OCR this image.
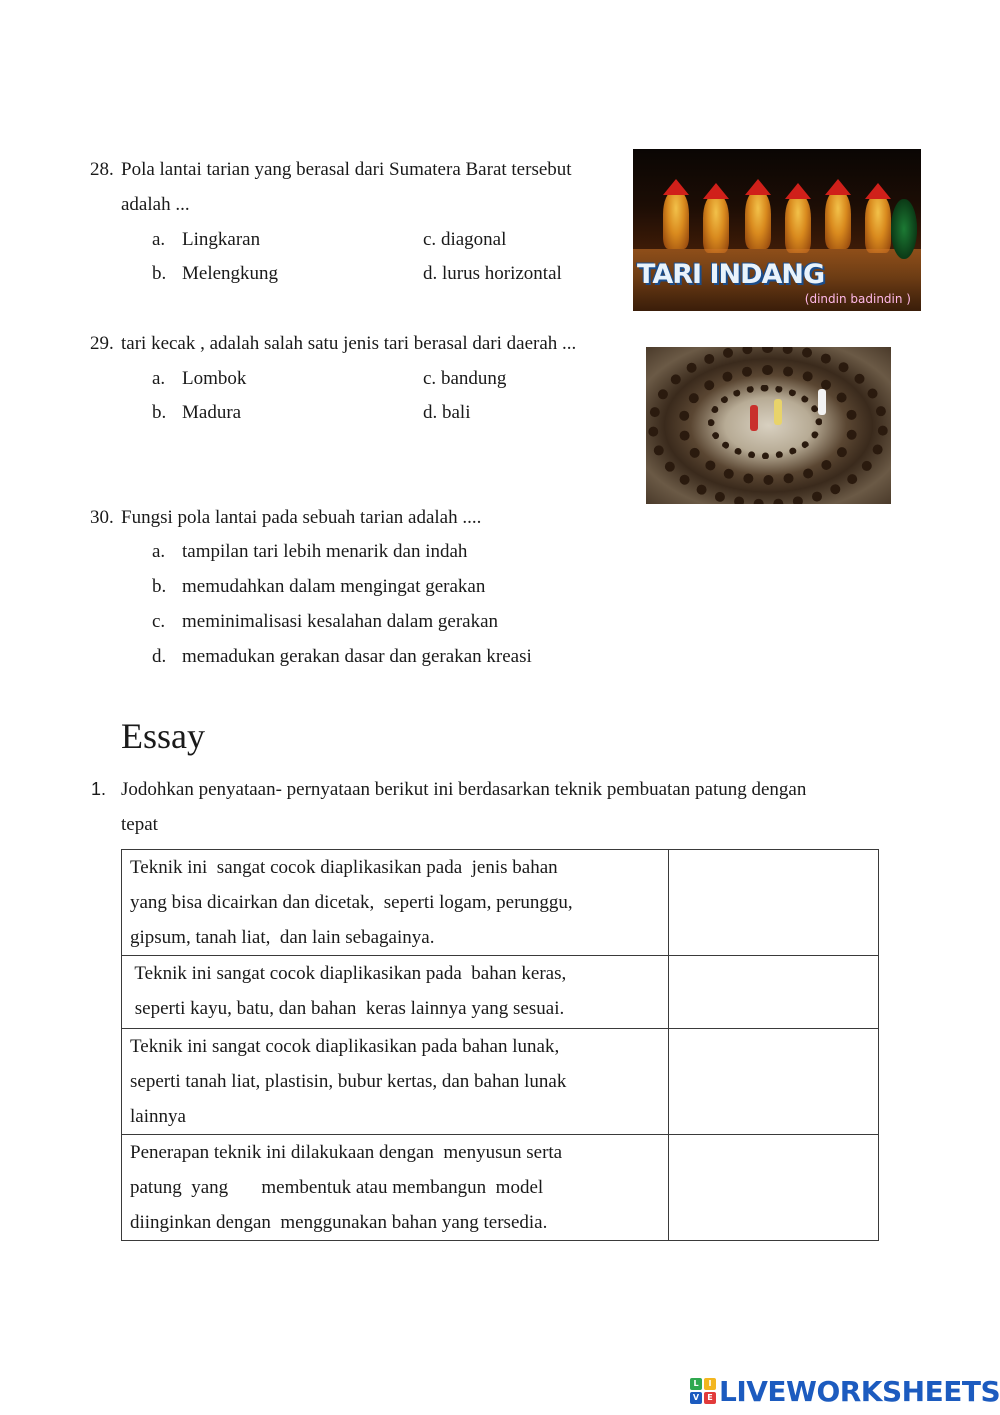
28. Pola lantai tarian yang berasal dari Sumatera Barat tersebut
adalah ...
a. Lingkaran
b. Melengkung
c. diagonal
d. lurus horizontal	TARI INDANG
(dindin badindin )
29. tari kecak , adalah salah satu jenis tari berasal dari daerah ...
a. Lombok
b. Madura
c. bandung
d. bali
30. Fungsi pola lantai pada sebuah tarian adalah ....
a. tampilan tari lebih menarik dan indah
b. memudahkan dalam mengingat gerakan
c. meminimalisasi kesalahan dalam gerakan
d. memadukan gerakan dasar dan gerakan kreasi
Essay
1. Jodohkan penyataan- pernyataan berikut ini berdasarkan teknik pembuatan patung dengan
tepat
Teknik ini  sangat cocok diaplikasikan pada  jenis bahan
yang bisa dicairkan dan dicetak,  seperti logam, perunggu,
gipsum, tanah liat,  dan lain sebagainya.	

Teknik ini sangat cocok diaplikasikan pada  bahan keras,
seperti kayu, batu, dan bahan  keras lainnya yang sesuai.	

Teknik ini sangat cocok diaplikasikan pada bahan lunak,
seperti tanah liat, plastisin, bubur kertas, dan bahan lunak
lainnya	

Penerapan teknik ini dilakukaan dengan  menyusun serta
patung  yang       membentuk atau membangun  model
diinginkan dengan  menggunakan bahan yang tersedia.	

L	I
V	E LIVEWORKSHEETS
